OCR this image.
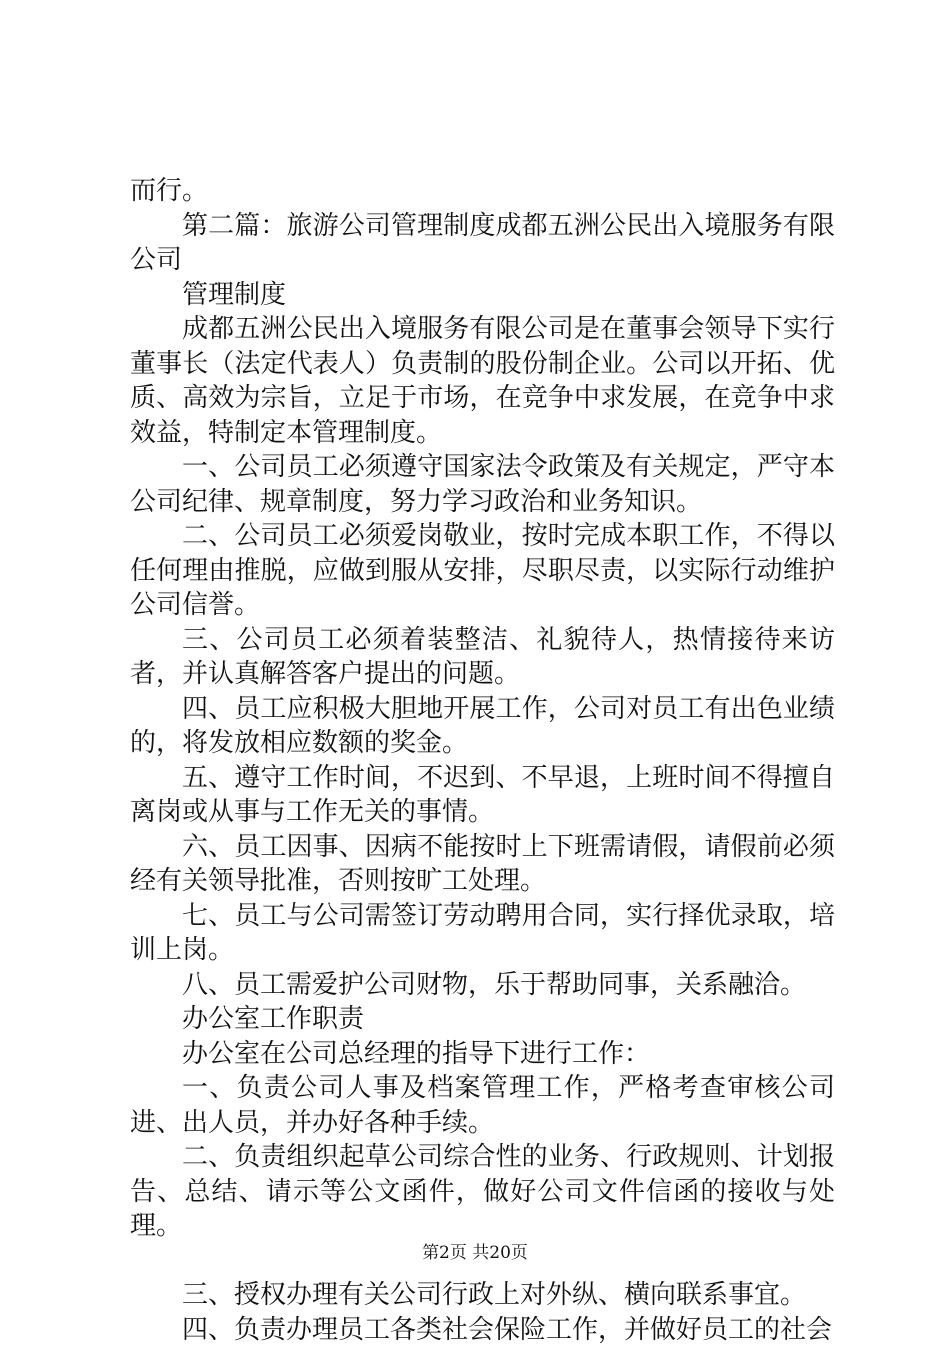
而行。

第二篇：旅游公司管理制度成都五洲公民出入境服务有限公司

管理制度

成都五洲公民出入境服务有限公司是在董事会领导下实行董事长（法定代表人）负责制的股份制企业。公司以开拓、优质、高效为宗旨，立足于市场，在竞争中求发展，在竞争中求效益，特制定本管理制度。

一、公司员工必须遵守国家法令政策及有关规定，严守本公司纪律、规章制度，努力学习政治和业务知识。

二、公司员工必须爱岗敬业，按时完成本职工作，不得以任何理由推脱，应做到服从安排，尽职尽责，以实际行动维护公司信誉。

三、公司员工必须着装整洁、礼貌待人，热情接待来访者，并认真解答客户提出的问题。

四、员工应积极大胆地开展工作，公司对员工有出色业绩的，将发放相应数额的奖金。

五、遵守工作时间，不迟到、不早退，上班时间不得擅自离岗或从事与工作无关的事情。

六、员工因事、因病不能按时上下班需请假，请假前必须经有关领导批准，否则按旷工处理。

七、员工与公司需签订劳动聘用合同，实行择优录取，培训上岗。

八、员工需爱护公司财物，乐于帮助同事，关系融洽。

办公室工作职责

办公室在公司总经理的指导下进行工作：

一、负责公司人事及档案管理工作，严格考查审核公司进、出人员，并办好各种手续。

二、负责组织起草公司综合性的业务、行政规则、计划报告、总结、请示等公文函件，做好公司文件信函的接收与处理。

三、授权办理有关公司行政上对外纵、横向联系事宜。

四、负责办理员工各类社会保险工作，并做好员工的社会

第2页 共20页
